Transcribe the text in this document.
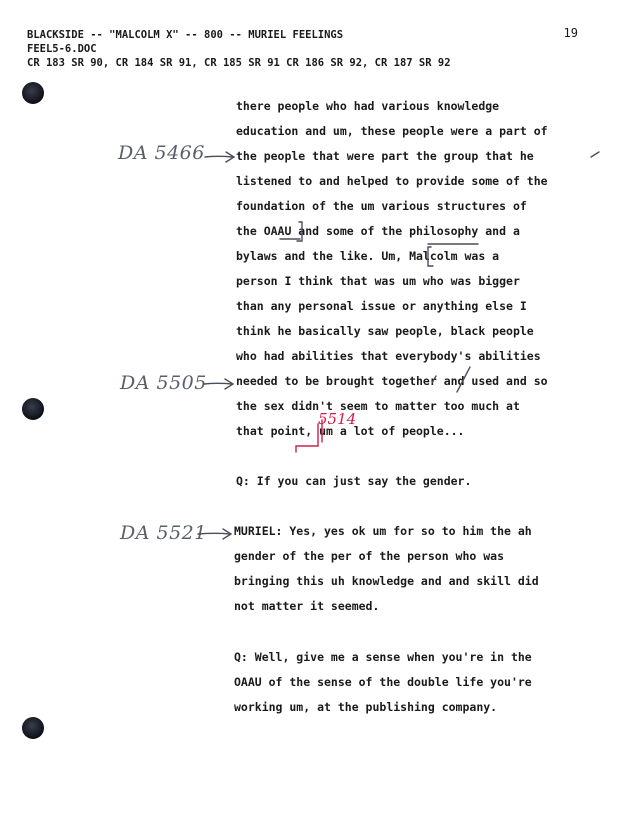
BLACKSIDE -- "MALCOLM X" -- 800 -- MURIEL FEELINGS
FEEL5-6.DOC
CR 183 SR 90, CR 184 SR 91, CR 185 SR 91 CR 186 SR 92, CR 187 SR 92
19
there people who had various knowledge
education and um, these people were a part of
the people that were part the group that he
listened to and helped to provide some of the
foundation of the um various structures of
the OAAU and some of the philosophy and a
bylaws and the like. Um, Malcolm was a
person I think that was um who was bigger
than any personal issue or anything else I
think he basically saw people, black people
who had abilities that everybody's abilities
needed to be brought together and used and so
the sex didn't seem to matter too much at
that point, um a lot of people...
Q: If you can just say the gender.
MURIEL: Yes, yes ok um for so to him the ah
gender of the per of the person who was
bringing this uh knowledge and and skill did
not matter it seemed.
Q: Well, give me a sense when you're in the
OAAU of the sense of the double life you're
working um, at the publishing company.
DA 5466
DA 5505
DA 5521
5514
